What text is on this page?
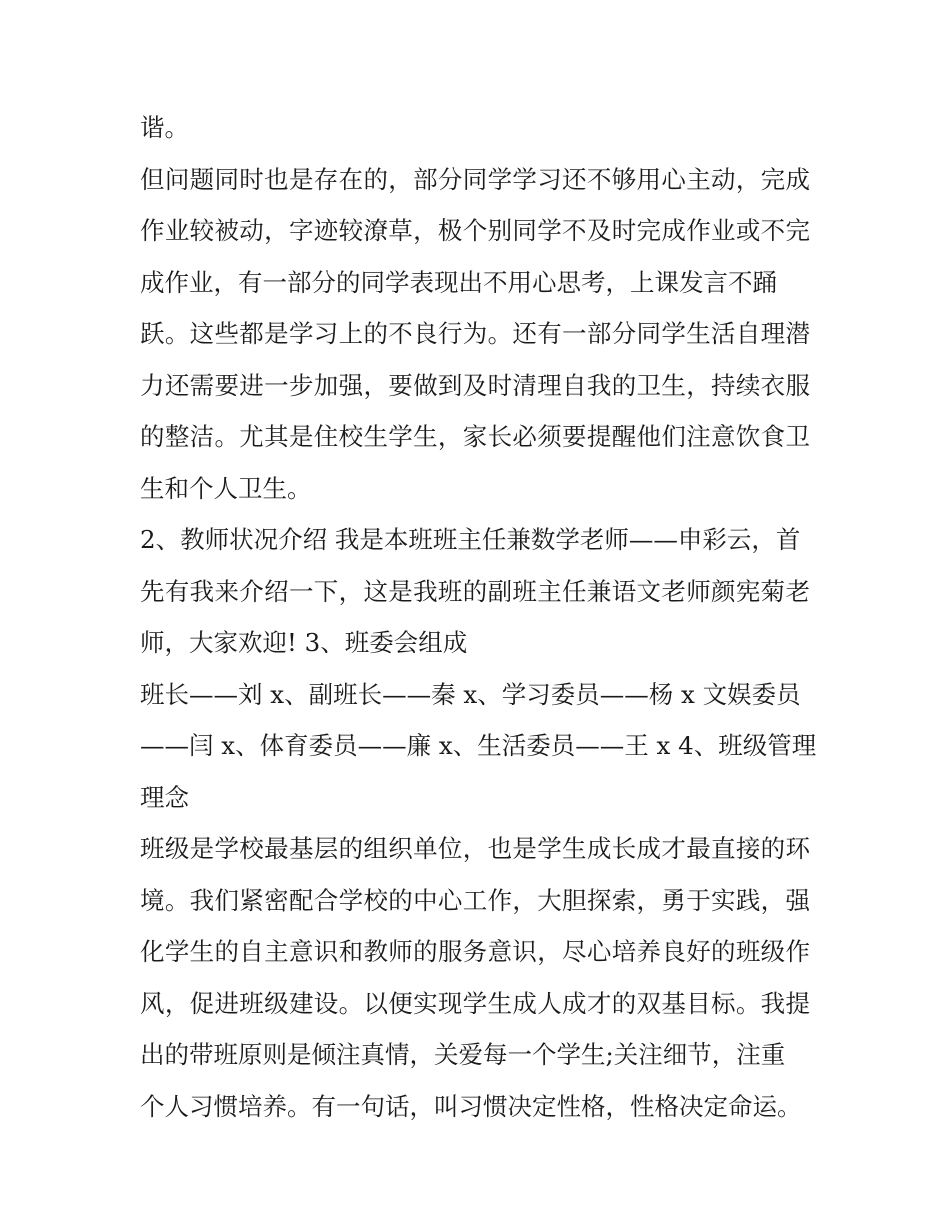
谐。
但问题同时也是存在的，部分同学学习还不够用心主动，完成
作业较被动，字迹较潦草，极个别同学不及时完成作业或不完
成作业，有一部分的同学表现出不用心思考，上课发言不踊
跃。这些都是学习上的不良行为。还有一部分同学生活自理潜
力还需要进一步加强，要做到及时清理自我的卫生，持续衣服
的整洁。尤其是住校生学生，家长必须要提醒他们注意饮食卫
生和个人卫生。
2、教师状况介绍 我是本班班主任兼数学老师——申彩云，首
先有我来介绍一下，这是我班的副班主任兼语文老师颜宪菊老
师，大家欢迎! 3、班委会组成
班长——刘 x、副班长——秦 x、学习委员——杨 x 文娱委员
——闫 x、体育委员——廉 x、生活委员——王 x 4、班级管理
理念
班级是学校最基层的组织单位，也是学生成长成才最直接的环
境。我们紧密配合学校的中心工作，大胆探索，勇于实践，强
化学生的自主意识和教师的服务意识，尽心培养良好的班级作
风，促进班级建设。以便实现学生成人成才的双基目标。我提
出的带班原则是倾注真情，关爱每一个学生;关注细节，注重
个人习惯培养。有一句话，叫习惯决定性格，性格决定命运。
